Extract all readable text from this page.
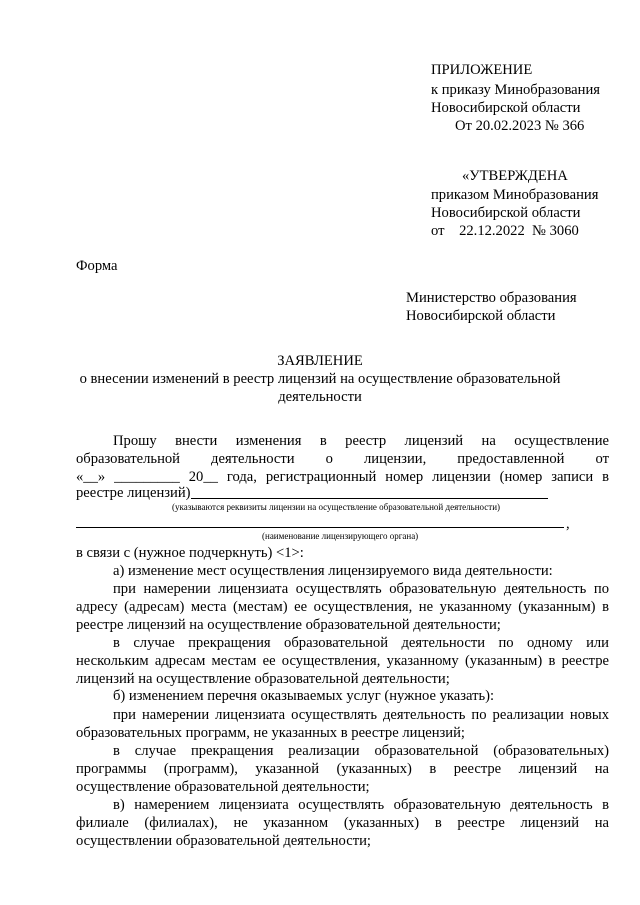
ПРИЛОЖЕНИЕ
к приказу Минобразования
Новосибирской области
От 20.02.2023 № 366
«УТВЕРЖДЕНА
приказом Минобразования
Новосибирской области
от    22.12.2022  № 3060
Форма
Министерство образования
Новосибирской области
ЗАЯВЛЕНИЕ
о внесении изменений в реестр лицензий на осуществление образовательной
деятельности
Прошу внести изменения в реестр лицензий на осуществление
образовательной деятельности о лицензии, предоставленной от
«__» _________ 20__ года, регистрационный номер лицензии (номер записи в
реестре лицензий)
(указываются реквизиты лицензии на осуществление образовательной деятельности)
,
(наименование лицензирующего органа)
в связи с (нужное подчеркнуть) <1>:
а) изменение мест осуществления лицензируемого вида деятельности:
при намерении лицензиата осуществлять образовательную деятельность по
адресу (адресам) места (местам) ее осуществления, не указанному (указанным) в
реестре лицензий на осуществление образовательной деятельности;
в случае прекращения образовательной деятельности по одному или
нескольким адресам местам ее осуществления, указанному (указанным) в реестре
лицензий на осуществление образовательной деятельности;
б) изменением перечня оказываемых услуг (нужное указать):
при намерении лицензиата осуществлять деятельность по реализации новых
образовательных программ, не указанных в реестре лицензий;
в случае прекращения реализации образовательной (образовательных)
программы (программ), указанной (указанных) в реестре лицензий на
осуществление образовательной деятельности;
в) намерением лицензиата осуществлять образовательную деятельность в
филиале (филиалах), не указанном (указанных) в реестре лицензий на
осуществлении образовательной деятельности;
